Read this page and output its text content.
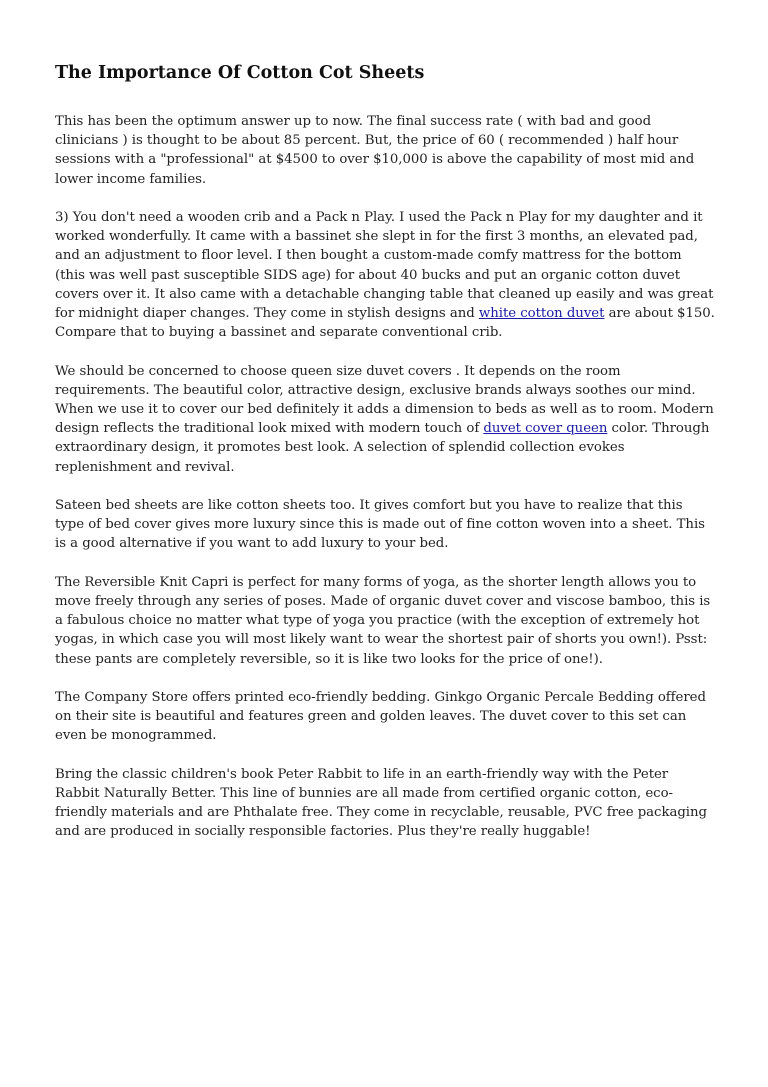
The Importance Of Cotton Cot Sheets

This has been the optimum answer up to now. The final success rate ( with bad and good clinicians ) is thought to be about 85 percent. But, the price of 60 ( recommended ) half hour sessions with a "professional" at $4500 to over $10,000 is above the capability of most mid and lower income families.

3) You don't need a wooden crib and a Pack n Play. I used the Pack n Play for my daughter and it worked wonderfully. It came with a bassinet she slept in for the first 3 months, an elevated pad, and an adjustment to floor level. I then bought a custom-made comfy mattress for the bottom (this was well past susceptible SIDS age) for about 40 bucks and put an organic cotton duvet covers over it. It also came with a detachable changing table that cleaned up easily and was great for midnight diaper changes. They come in stylish designs and white cotton duvet are about $150. Compare that to buying a bassinet and separate conventional crib.

We should be concerned to choose queen size duvet covers . It depends on the room requirements. The beautiful color, attractive design, exclusive brands always soothes our mind. When we use it to cover our bed definitely it adds a dimension to beds as well as to room. Modern design reflects the traditional look mixed with modern touch of duvet cover queen color. Through extraordinary design, it promotes best look. A selection of splendid collection evokes replenishment and revival.

Sateen bed sheets are like cotton sheets too. It gives comfort but you have to realize that this type of bed cover gives more luxury since this is made out of fine cotton woven into a sheet. This is a good alternative if you want to add luxury to your bed.

The Reversible Knit Capri is perfect for many forms of yoga, as the shorter length allows you to move freely through any series of poses. Made of organic duvet cover and viscose bamboo, this is a fabulous choice no matter what type of yoga you practice (with the exception of extremely hot yogas, in which case you will most likely want to wear the shortest pair of shorts you own!). Psst: these pants are completely reversible, so it is like two looks for the price of one!).

The Company Store offers printed eco-friendly bedding. Ginkgo Organic Percale Bedding offered on their site is beautiful and features green and golden leaves. The duvet cover to this set can even be monogrammed.

Bring the classic children's book Peter Rabbit to life in an earth-friendly way with the Peter Rabbit Naturally Better. This line of bunnies are all made from certified organic cotton, eco-friendly materials and are Phthalate free. They come in recyclable, reusable, PVC free packaging and are produced in socially responsible factories. Plus they're really huggable!
